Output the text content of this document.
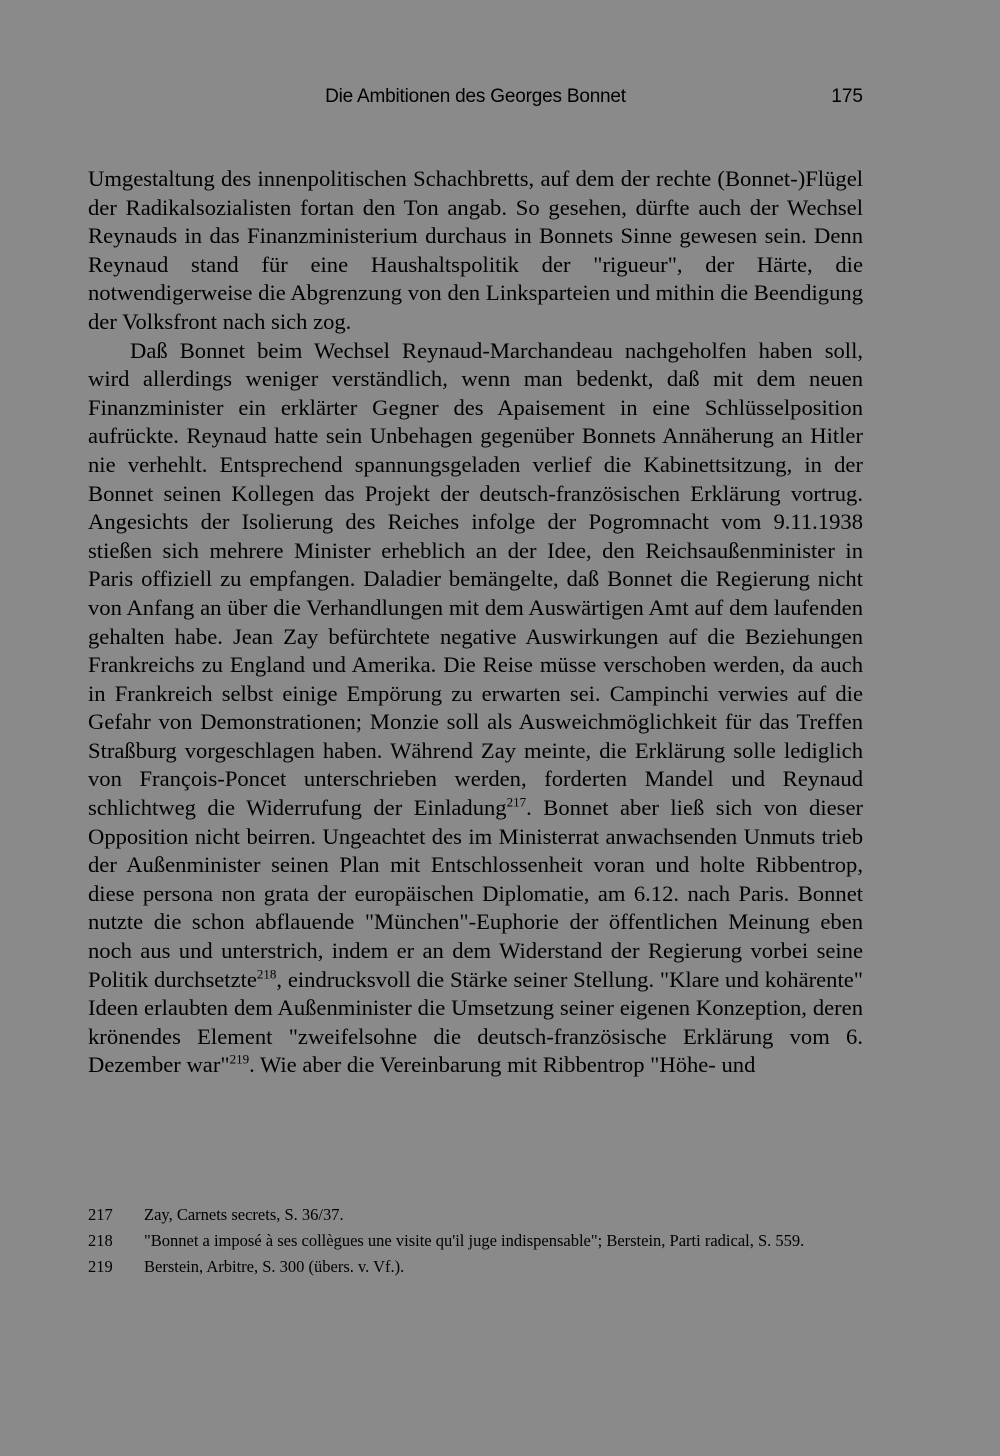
Die Ambitionen des Georges Bonnet	175

Umgestaltung des innenpolitischen Schachbretts, auf dem der rechte (Bonnet-)Flügel der Radikalsozialisten fortan den Ton angab. So gesehen, dürfte auch der Wechsel Reynauds in das Finanzministerium durchaus in Bonnets Sinne gewesen sein. Denn Reynaud stand für eine Haushaltspolitik der "rigueur", der Härte, die notwendigerweise die Abgrenzung von den Linksparteien und mithin die Beendigung der Volksfront nach sich zog.

Daß Bonnet beim Wechsel Reynaud-Marchandeau nachgeholfen haben soll, wird allerdings weniger verständlich, wenn man bedenkt, daß mit dem neuen Finanzminister ein erklärter Gegner des Apaisement in eine Schlüsselposition aufrückte. Reynaud hatte sein Unbehagen gegenüber Bonnets Annäherung an Hitler nie verhehlt. Entsprechend spannungsgeladen verlief die Kabinettsitzung, in der Bonnet seinen Kollegen das Projekt der deutsch-französischen Erklärung vortrug. Angesichts der Isolierung des Reiches infolge der Pogromnacht vom 9.11.1938 stießen sich mehrere Minister erheblich an der Idee, den Reichsaußenminister in Paris offiziell zu empfangen. Daladier bemängelte, daß Bonnet die Regierung nicht von Anfang an über die Verhandlungen mit dem Auswärtigen Amt auf dem laufenden gehalten habe. Jean Zay befürchtete negative Auswirkungen auf die Beziehungen Frankreichs zu England und Amerika. Die Reise müsse verschoben werden, da auch in Frankreich selbst einige Empörung zu erwarten sei. Campinchi verwies auf die Gefahr von Demonstrationen; Monzie soll als Ausweichmöglichkeit für das Treffen Straßburg vorgeschlagen haben. Während Zay meinte, die Erklärung solle lediglich von François-Poncet unterschrieben werden, forderten Mandel und Reynaud schlichtweg die Widerrufung der Einladung$^{217}$. Bonnet aber ließ sich von dieser Opposition nicht beirren. Ungeachtet des im Ministerrat anwachsenden Unmuts trieb der Außenminister seinen Plan mit Entschlossenheit voran und holte Ribbentrop, diese persona non grata der europäischen Diplomatie, am 6.12. nach Paris. Bonnet nutzte die schon abflauende "München"-Euphorie der öffentlichen Meinung eben noch aus und unterstrich, indem er an dem Widerstand der Regierung vorbei seine Politik durchsetzte$^{218}$, eindrucksvoll die Stärke seiner Stellung. "Klare und kohärente" Ideen erlaubten dem Außenminister die Umsetzung seiner eigenen Konzeption, deren krönendes Element "zweifelsohne die deutsch-französische Erklärung vom 6. Dezember war"$^{219}$. Wie aber die Vereinbarung mit Ribbentrop "Höhe- und

217	Zay, Carnets secrets, S. 36/37.
218	"Bonnet a imposé à ses collègues une visite qu'il juge indispensable"; Berstein, Parti radical, S. 559.
219	Berstein, Arbitre, S. 300 (übers. v. Vf.).
